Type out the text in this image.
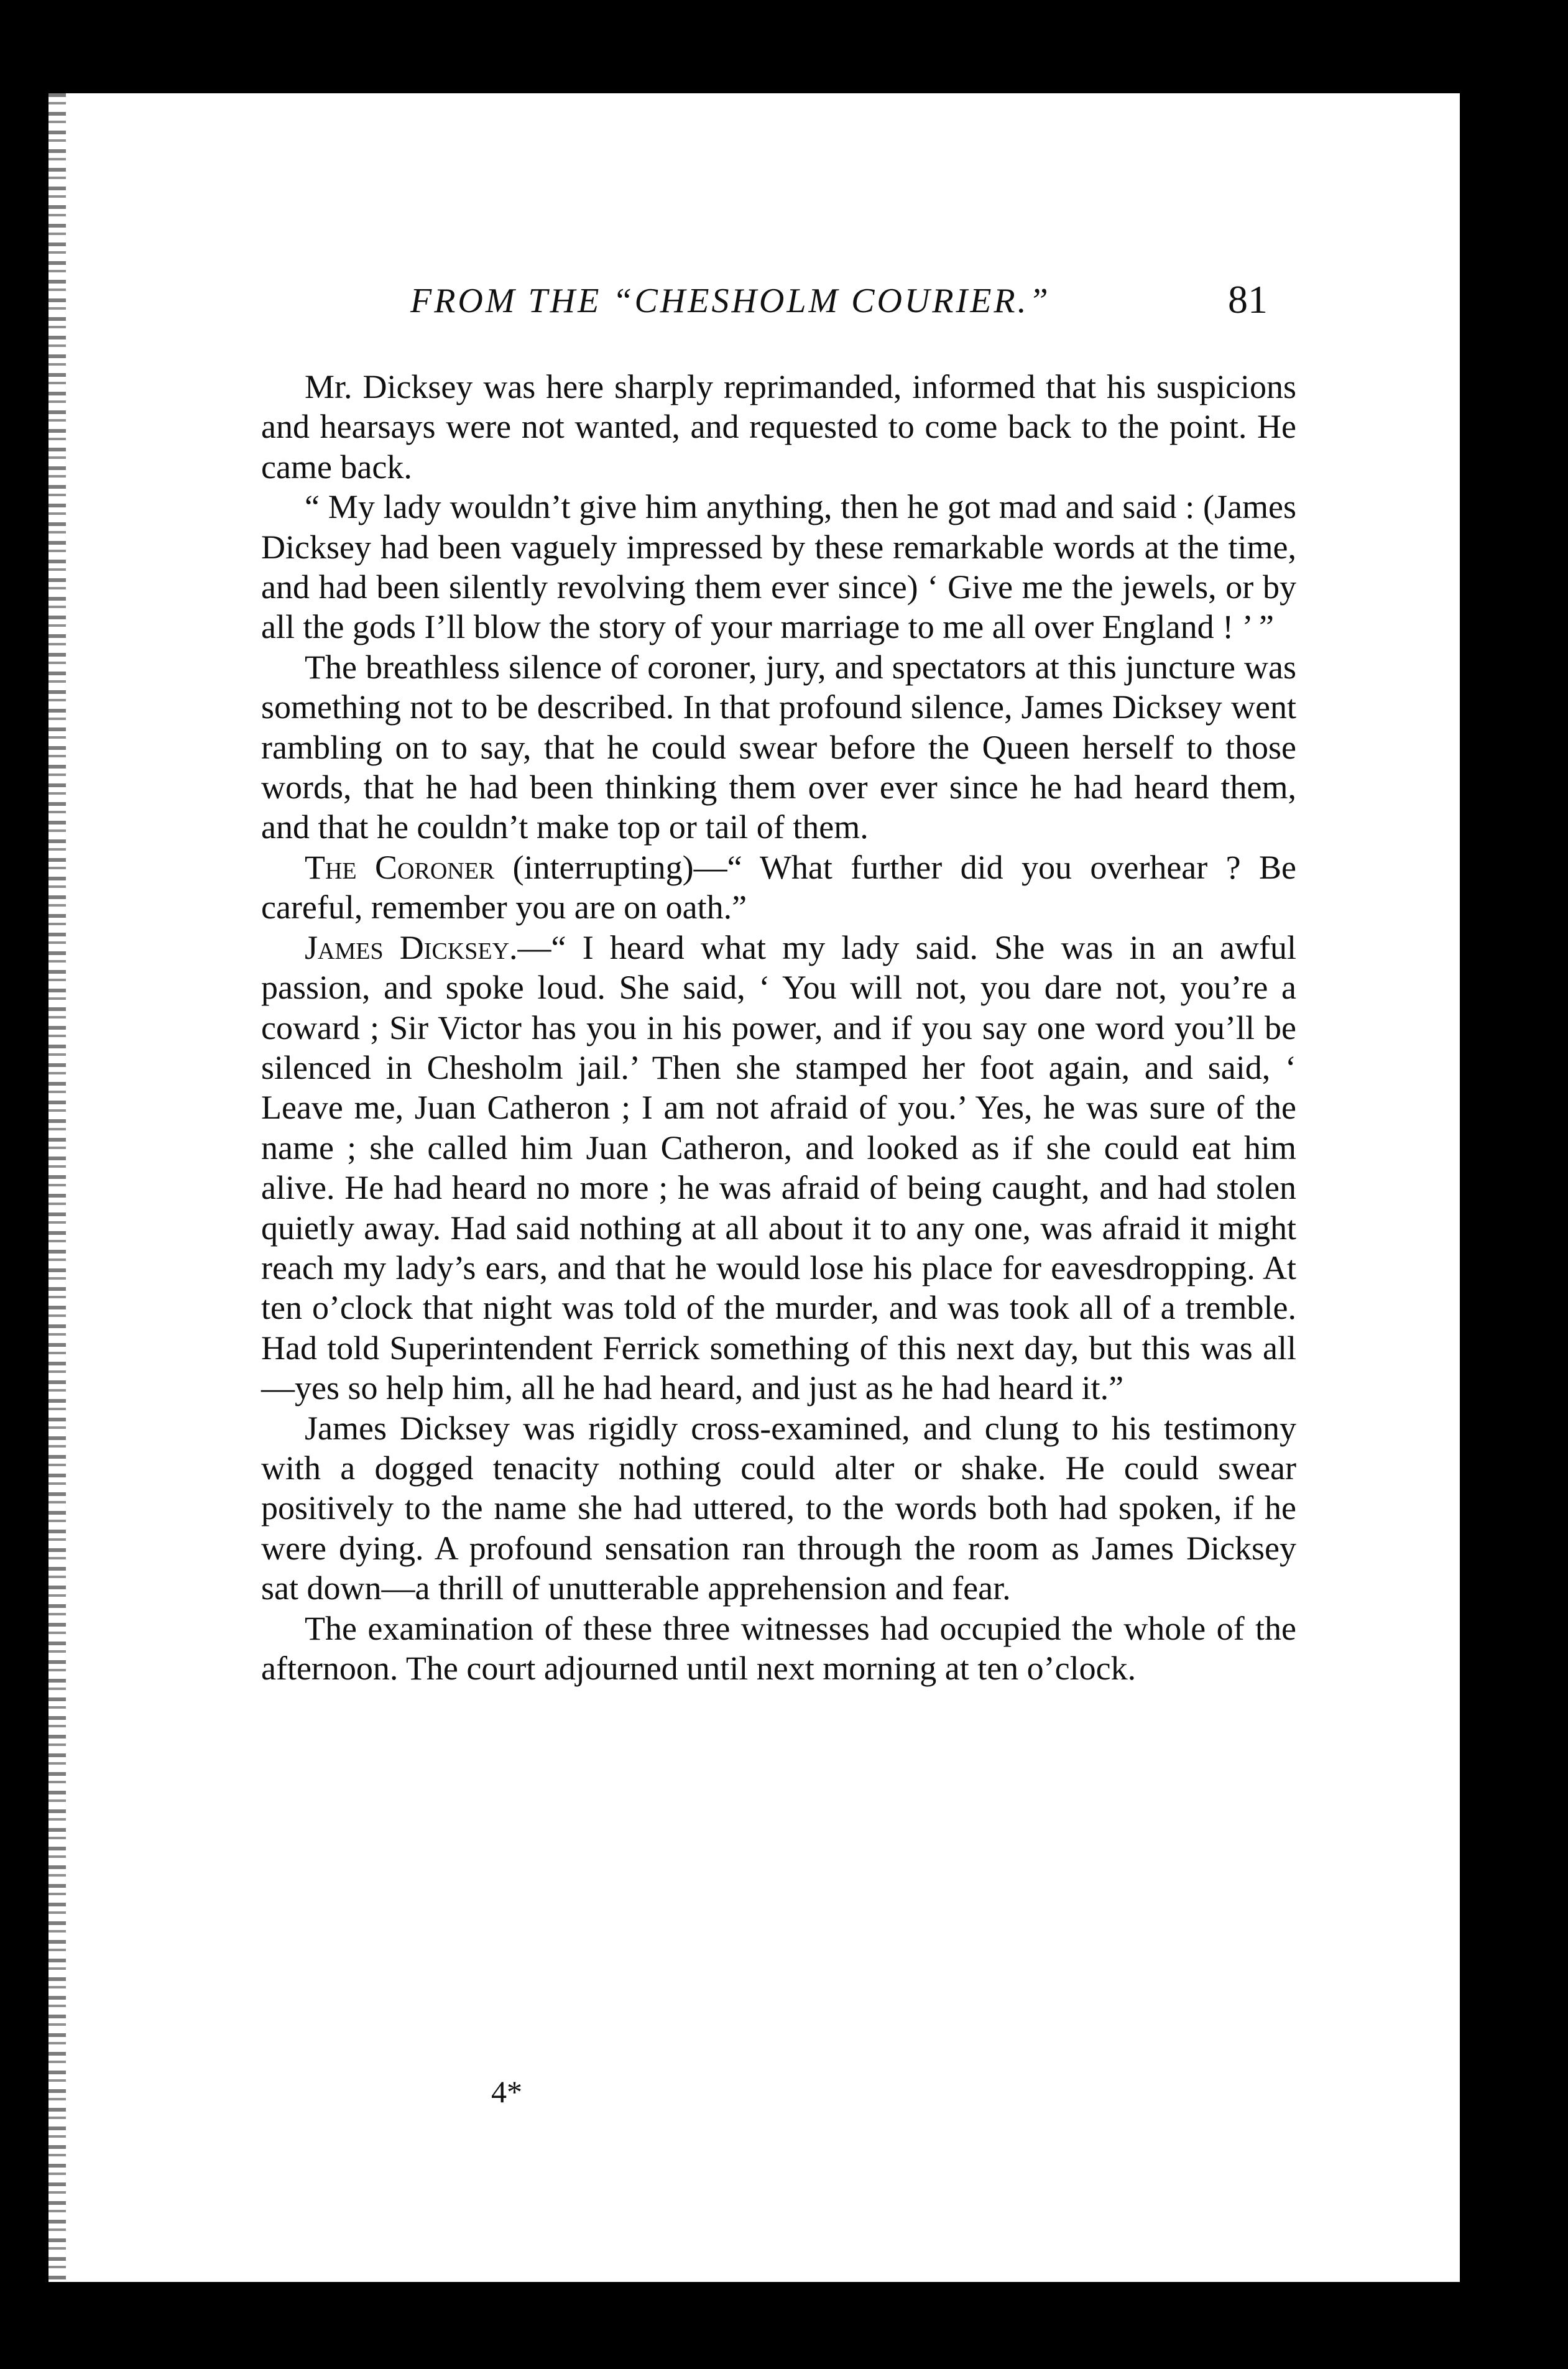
FROM THE “CHESHOLM COURIER.”	81

Mr. Dicksey was here sharply reprimanded, informed that his suspicions and hearsays were not wanted, and requested to come back to the point. He came back.

“ My lady wouldn’t give him anything, then he got mad and said : (James Dicksey had been vaguely impressed by these remarkable words at the time, and had been silently revolving them ever since) ‘ Give me the jewels, or by all the gods I’ll blow the story of your marriage to me all over England ! ’ ”

The breathless silence of coroner, jury, and spectators at this juncture was something not to be described. In that profound silence, James Dicksey went rambling on to say, that he could swear before the Queen herself to those words, that he had been thinking them over ever since he had heard them, and that he couldn’t make top or tail of them.

The Coroner (interrupting)—“ What further did you overhear ? Be careful, remember you are on oath.”

James Dicksey.—“ I heard what my lady said. She was in an awful passion, and spoke loud. She said, ‘ You will not, you dare not, you’re a coward ; Sir Victor has you in his power, and if you say one word you’ll be silenced in Chesholm jail.’ Then she stamped her foot again, and said, ‘ Leave me, Juan Catheron ; I am not afraid of you.’ Yes, he was sure of the name ; she called him Juan Catheron, and looked as if she could eat him alive. He had heard no more ; he was afraid of being caught, and had stolen quietly away. Had said nothing at all about it to any one, was afraid it might reach my lady’s ears, and that he would lose his place for eavesdropping. At ten o’clock that night was told of the murder, and was took all of a tremble. Had told Superintendent Ferrick something of this next day, but this was all—yes so help him, all he had heard, and just as he had heard it.”

James Dicksey was rigidly cross-examined, and clung to his testimony with a dogged tenacity nothing could alter or shake. He could swear positively to the name she had uttered, to the words both had spoken, if he were dying. A profound sensation ran through the room as James Dicksey sat down—a thrill of unutterable apprehension and fear.

The examination of these three witnesses had occupied the whole of the afternoon. The court adjourned until next morning at ten o’clock.

4*
